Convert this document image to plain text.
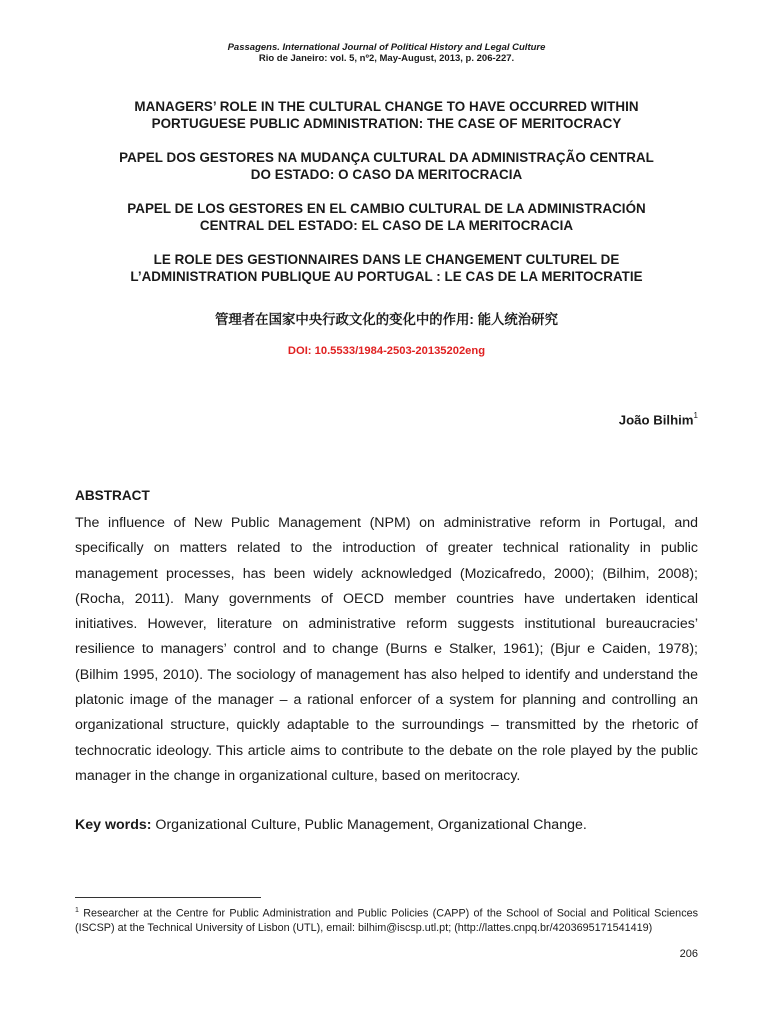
Passagens. International Journal of Political History and Legal Culture
Rio de Janeiro: vol. 5, nº2, May-August, 2013, p. 206-227.
MANAGERS’ ROLE IN THE CULTURAL CHANGE TO HAVE OCCURRED WITHIN
PORTUGUESE PUBLIC ADMINISTRATION: THE CASE OF MERITOCRACY
PAPEL DOS GESTORES NA MUDANÇA CULTURAL DA ADMINISTRAÇÃO CENTRAL
DO ESTADO: O CASO DA MERITOCRACIA
PAPEL DE LOS GESTORES EN EL CAMBIO CULTURAL DE LA ADMINISTRACIÓN
CENTRAL DEL ESTADO: EL CASO DE LA MERITOCRACIA
LE ROLE DES GESTIONNAIRES DANS LE CHANGEMENT CULTUREL DE
L’ADMINISTRATION PUBLIQUE AU PORTUGAL : LE CAS DE LA MERITOCRATIE
管理者在国家中央行政文化的变化中的作用: 能人统治研究
DOI: 10.5533/1984-2503-20135202eng
João Bilhim$^1$
ABSTRACT
The influence of New Public Management (NPM) on administrative reform in Portugal, and specifically on matters related to the introduction of greater technical rationality in public management processes, has been widely acknowledged (Mozicafredo, 2000); (Bilhim, 2008); (Rocha, 2011). Many governments of OECD member countries have undertaken identical initiatives. However, literature on administrative reform suggests institutional bureaucracies’ resilience to managers’ control and to change (Burns e Stalker, 1961); (Bjur e Caiden, 1978); (Bilhim 1995, 2010). The sociology of management has also helped to identify and understand the platonic image of the manager – a rational enforcer of a system for planning and controlling an organizational structure, quickly adaptable to the surroundings – transmitted by the rhetoric of technocratic ideology. This article aims to contribute to the debate on the role played by the public manager in the change in organizational culture, based on meritocracy.
Key words: Organizational Culture, Public Management, Organizational Change.
$^1$ Researcher at the Centre for Public Administration and Public Policies (CAPP) of the School of Social and Political Sciences (ISCSP) at the Technical University of Lisbon (UTL), email: bilhim@iscsp.utl.pt; (http://lattes.cnpq.br/4203695171541419)
206
